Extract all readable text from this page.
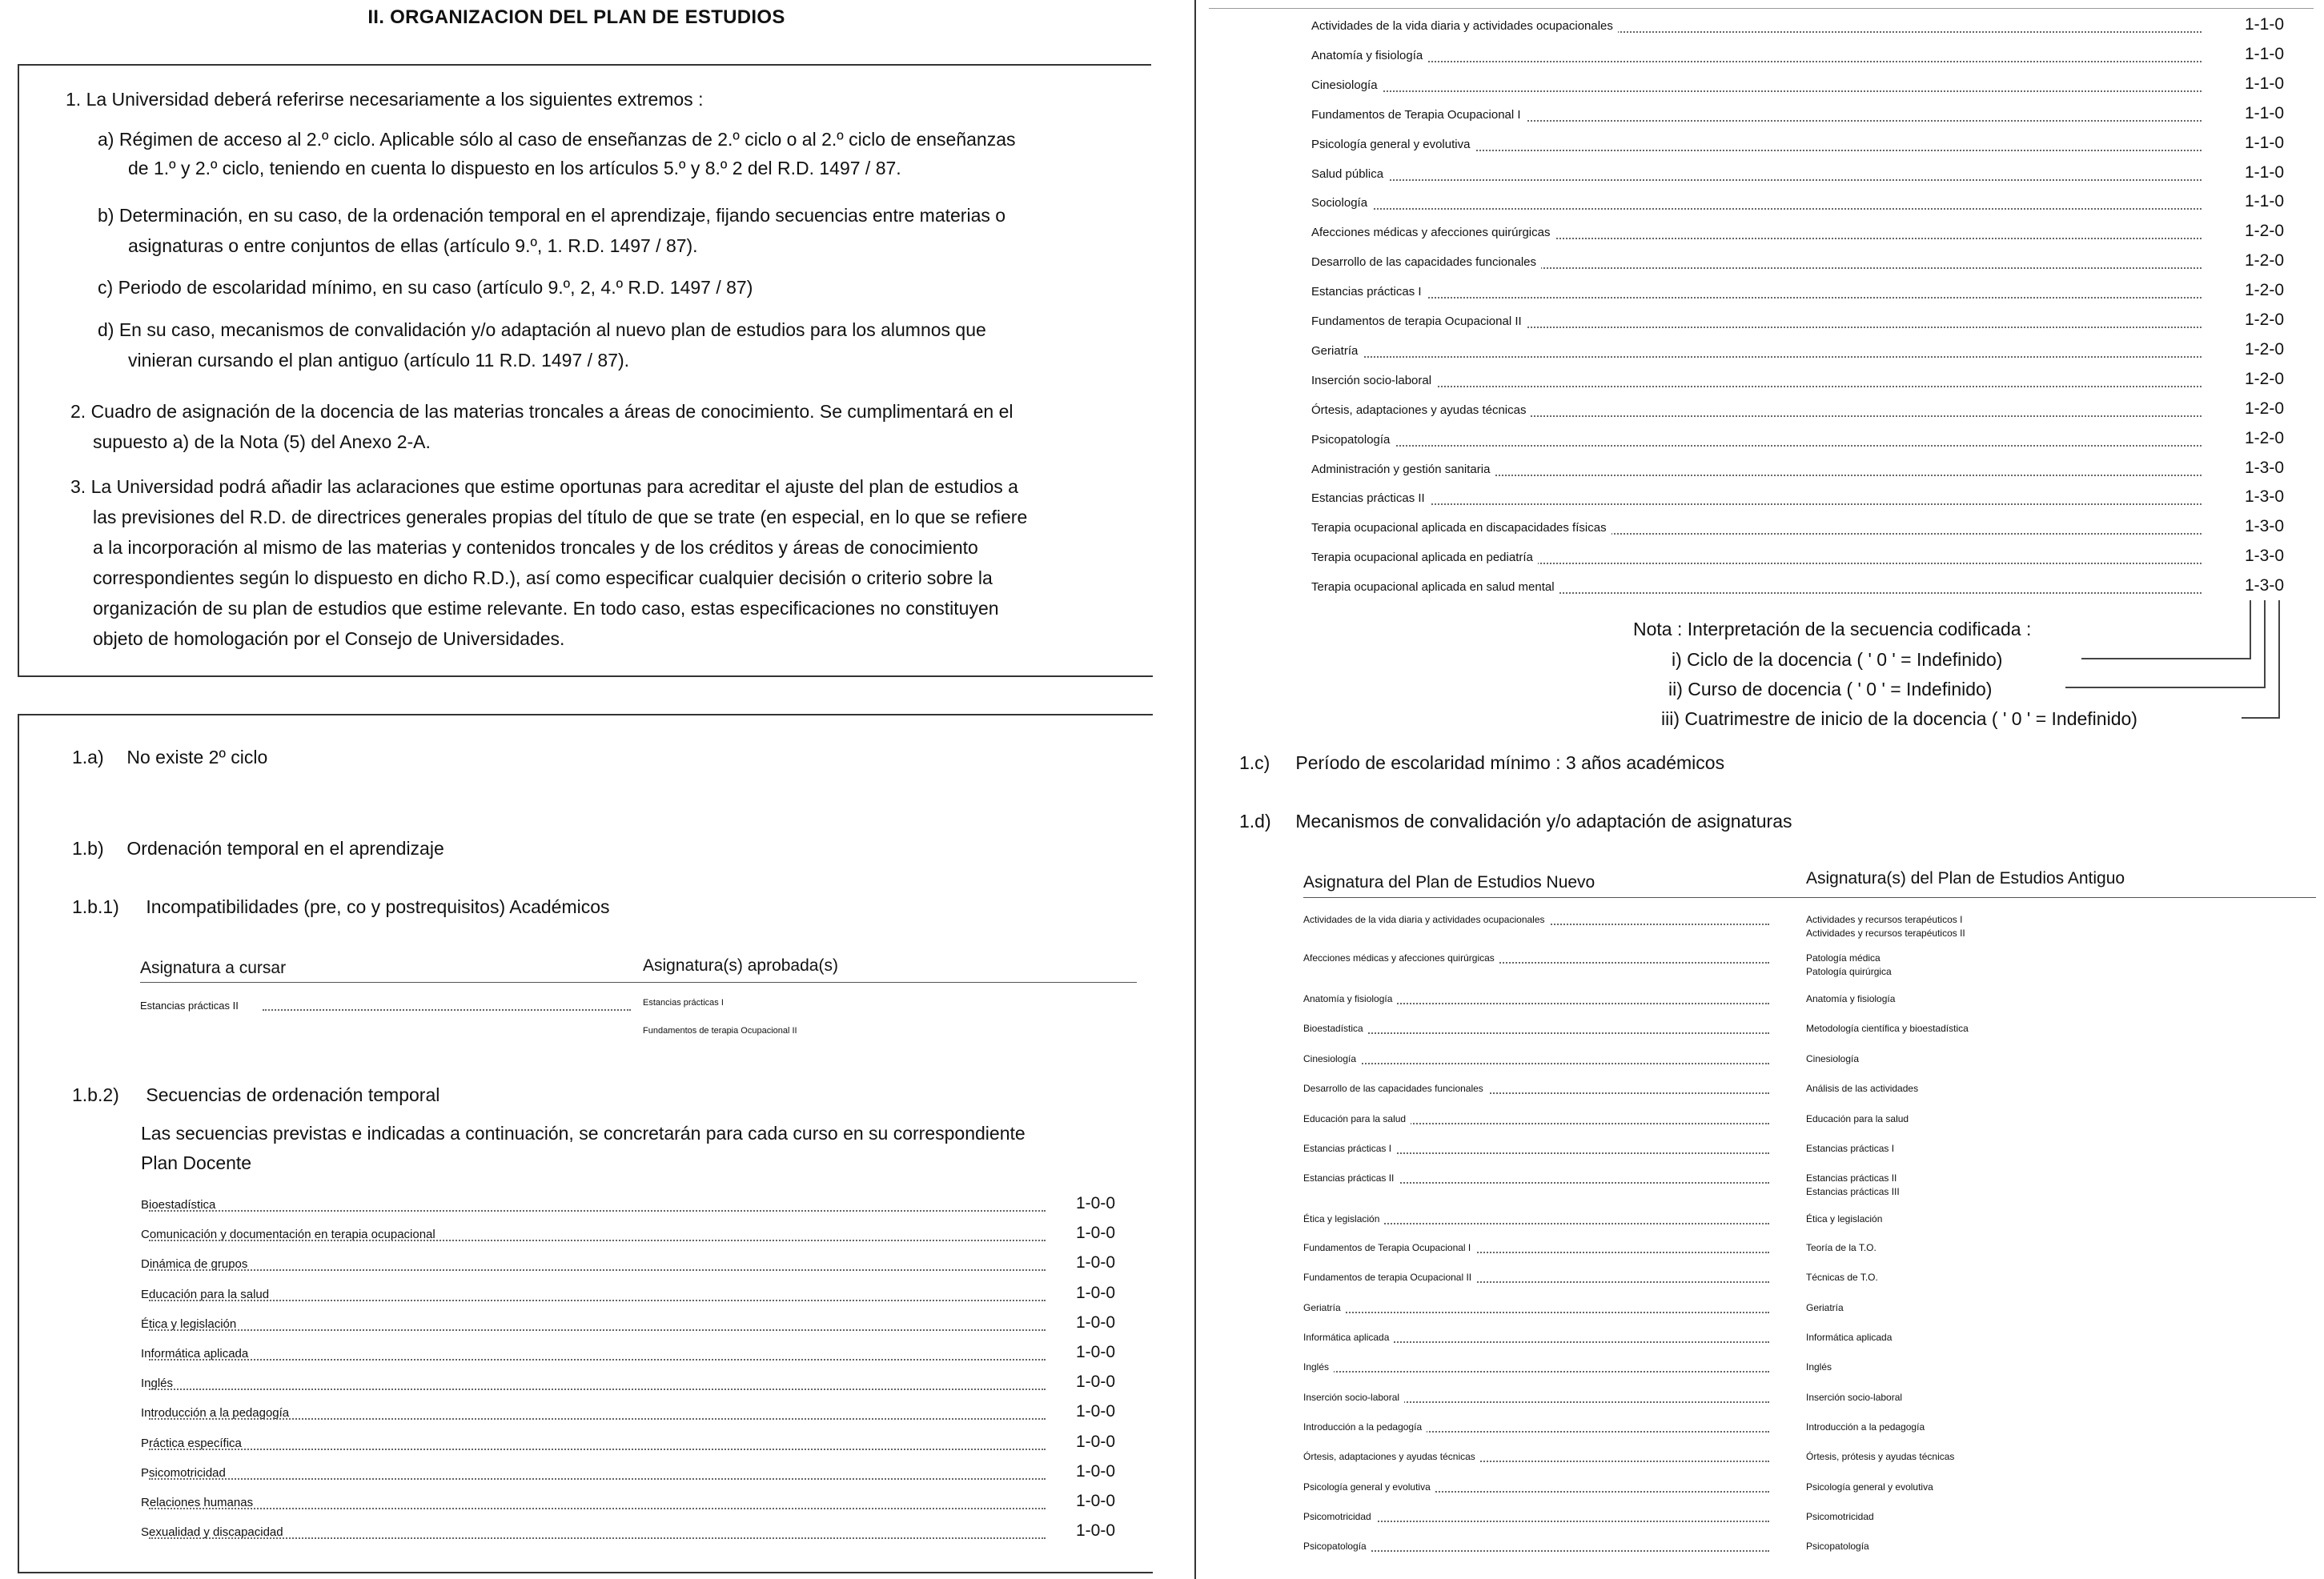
II. ORGANIZACION DEL PLAN DE ESTUDIOS
1. La Universidad deberá referirse necesariamente a los siguientes extremos :
a) Régimen de acceso al 2.º ciclo. Aplicable sólo al caso de enseñanzas de 2.º ciclo o al 2.º ciclo de enseñanzas
de 1.º y 2.º ciclo, teniendo en cuenta lo dispuesto en los artículos 5.º y 8.º 2 del R.D. 1497 / 87.
b) Determinación, en su caso, de la ordenación temporal en el aprendizaje, fijando secuencias entre materias o
asignaturas o entre conjuntos de ellas (artículo 9.º, 1. R.D. 1497 / 87).
c) Periodo de escolaridad mínimo, en su caso (artículo 9.º, 2, 4.º R.D. 1497 / 87)
d) En su caso, mecanismos de convalidación y/o adaptación al nuevo plan de estudios para los alumnos que
vinieran cursando el plan antiguo (artículo 11 R.D. 1497 / 87).
2. Cuadro de asignación de la docencia de las materias troncales a áreas de conocimiento. Se cumplimentará en el
supuesto a) de la Nota (5) del Anexo 2-A.
3. La Universidad podrá añadir las aclaraciones que estime oportunas para acreditar el ajuste del plan de estudios a
las previsiones del R.D. de directrices generales propias del título de que se trate (en especial, en lo que se refiere
a la incorporación al mismo de las materias y contenidos troncales y de los créditos y áreas de conocimiento
correspondientes según lo dispuesto en dicho R.D.), así como especificar cualquier decisión o criterio sobre la
organización de su plan de estudios que estime relevante. En todo caso, estas especificaciones no constituyen
objeto de homologación por el Consejo de Universidades.
1.a) No existe 2º ciclo
1.b) Ordenación temporal en el aprendizaje
1.b.1) Incompatibilidades (pre, co y postrequisitos) Académicos
Asignatura a cursar	Asignatura(s) aprobada(s)
Estancias prácticas II	Estancias prácticas I
Fundamentos de terapia Ocupacional II
1.b.2) Secuencias de ordenación temporal
Las secuencias previstas e indicadas a continuación, se concretarán para cada curso en su correspondiente
Plan Docente
Bioestadística	1-0-0
Comunicación y documentación en terapia ocupacional	1-0-0
Dinámica de grupos	1-0-0
Educación para la salud	1-0-0
Ética y legislación	1-0-0
Informática aplicada	1-0-0
Inglés	1-0-0
Introducción a la pedagogía	1-0-0
Práctica específica	1-0-0
Psicomotricidad	1-0-0
Relaciones humanas	1-0-0
Sexualidad y discapacidad	1-0-0
Actividades de la vida diaria y actividades ocupacionales	1-1-0
Anatomía y fisiología	1-1-0
Cinesiología	1-1-0
Fundamentos de Terapia Ocupacional I	1-1-0
Psicología general y evolutiva	1-1-0
Salud pública	1-1-0
Sociología	1-1-0
Afecciones médicas y afecciones quirúrgicas	1-2-0
Desarrollo de las capacidades funcionales	1-2-0
Estancias prácticas I	1-2-0
Fundamentos de terapia Ocupacional II	1-2-0
Geriatría	1-2-0
Inserción socio-laboral	1-2-0
Órtesis, adaptaciones y ayudas técnicas	1-2-0
Psicopatología	1-2-0
Administración y gestión sanitaria	1-3-0
Estancias prácticas II	1-3-0
Terapia ocupacional aplicada en discapacidades físicas	1-3-0
Terapia ocupacional aplicada en pediatría	1-3-0
Terapia ocupacional aplicada en salud mental	1-3-0
Nota : Interpretación de la secuencia codificada :
i) Ciclo de la docencia ( ' 0 ' = Indefinido)
ii) Curso de docencia ( ' 0 ' = Indefinido)
iii) Cuatrimestre de inicio de la docencia ( ' 0 ' = Indefinido)
1.c) Período de escolaridad mínimo : 3 años académicos
1.d) Mecanismos de convalidación y/o adaptación de asignaturas
Asignatura del Plan de Estudios Nuevo	Asignatura(s) del Plan de Estudios Antiguo
Actividades de la vida diaria y actividades ocupacionales	Actividades y recursos terapéuticos I
Actividades y recursos terapéuticos II
Afecciones médicas y afecciones quirúrgicas	Patología médica
Patología quirúrgica
Anatomía y fisiología	Anatomía y fisiología
Bioestadística	Metodología científica y bioestadística
Cinesiología	Cinesiología
Desarrollo de las capacidades funcionales	Análisis de las actividades
Educación para la salud	Educación para la salud
Estancias prácticas I	Estancias prácticas I
Estancias prácticas II	Estancias prácticas II
Estancias prácticas III
Ética y legislación	Ética y legislación
Fundamentos de Terapia Ocupacional I	Teoría de la T.O.
Fundamentos de terapia Ocupacional II	Técnicas de T.O.
Geriatría	Geriatría
Informática aplicada	Informática aplicada
Inglés	Inglés
Inserción socio-laboral	Inserción socio-laboral
Introducción a la pedagogía	Introducción a la pedagogía
Órtesis, adaptaciones y ayudas técnicas	Órtesis, prótesis y ayudas técnicas
Psicología general y evolutiva	Psicología general y evolutiva
Psicomotricidad	Psicomotricidad
Psicopatología	Psicopatología
